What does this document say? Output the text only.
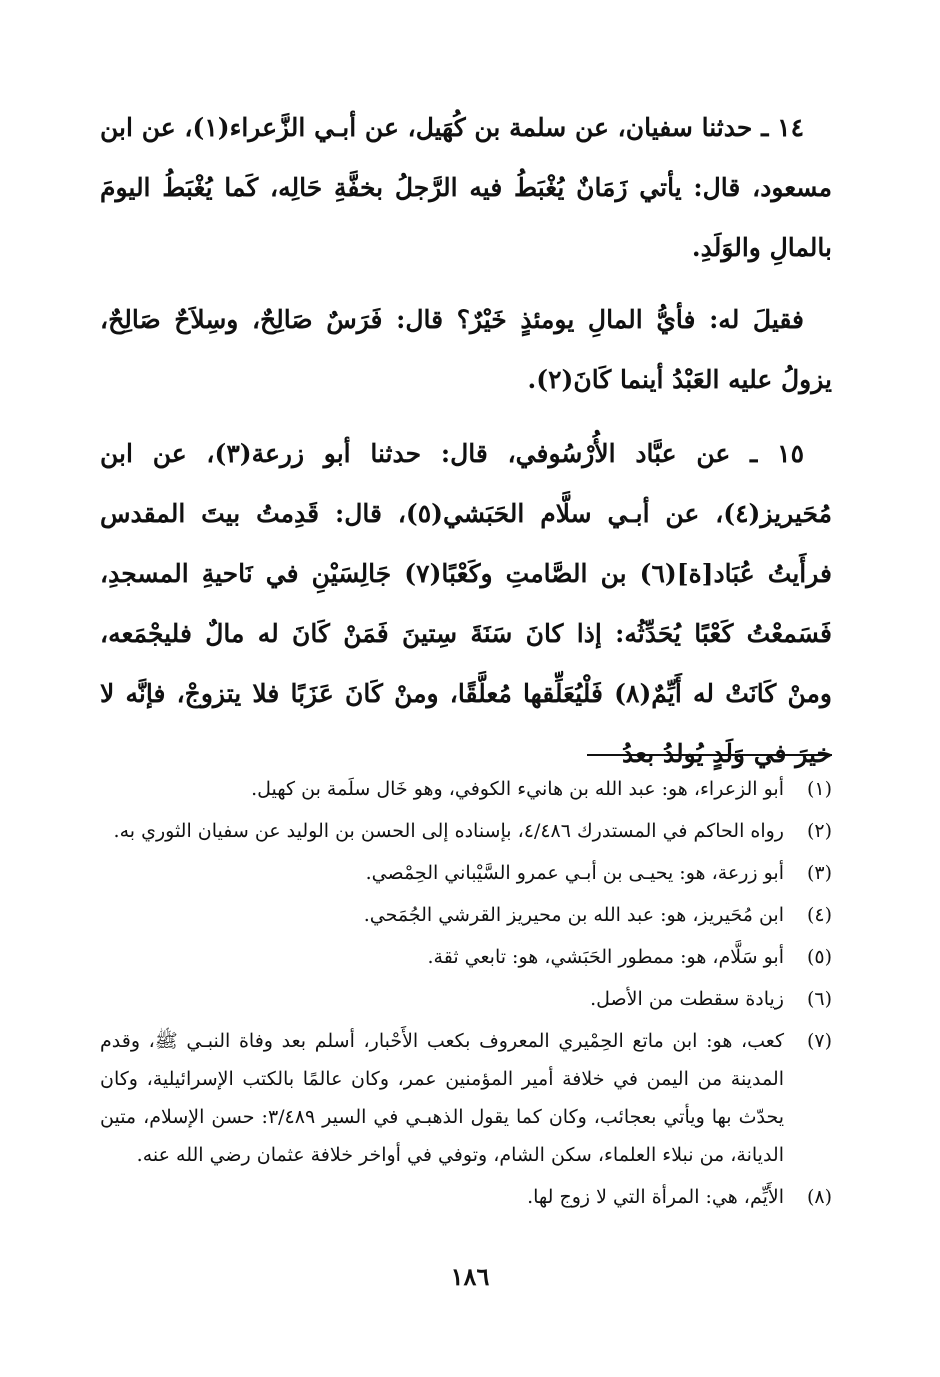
١٤ ـ حدثنا سفيان، عن سلمة بن كُهَيل، عن أبـي الزَّعراء(١)، عن ابن مسعود، قال: يأتي زَمَانٌ يُغْبَطُ فيه الرَّجلُ بخفَّةِ حَالِه، كَما يُغْبَطُ اليومَ بالمالِ والوَلَدِ.

فقيلَ له: فأيُّ المالِ يومئذٍ خَيْرٌ؟ قال: فَرَسٌ صَالِحٌ، وسِلاَحٌ صَالِحٌ، يزولُ عليه العَبْدُ أينما كَانَ(٢).

١٥ ـ عن عبَّاد الأُرْسُوفي، قال: حدثنا أبو زرعة(٣)، عن ابن مُحَيريز(٤)، عن أبـي سلَّام الحَبَشي(٥)، قال: قَدِمتُ بيتَ المقدس فرأَيتُ عُبَاد[ة](٦) بن الصَّامتِ وكَعْبًا(٧) جَالِسَيْنِ في نَاحيةِ المسجدِ، فَسَمعْتُ كَعْبًا يُحَدِّثُه: إذا كانَ سَنَةَ سِتينَ فَمَنْ كَانَ له مالٌ فليجْمَعه، ومنْ كَانَتْ له أَيِّمٌ(٨) فَلْيُعَلِّقها مُعلَّقًا، ومنْ كَانَ عَزَبًا فلا يتزوجْ، فإنَّه لا خيرَ في وَلَدٍ يُولدُ بعدُ

(١)
أبو الزعراء، هو: عبد الله بن هانيء الكوفي، وهو خَال سلَمة بن كهيل.
(٢)
رواه الحاكم في المستدرك ٤/٤٨٦، بإسناده إلى الحسن بن الوليد عن سفيان الثوري به.
(٣)
أبو زرعة، هو: يحيـى بن أبـي عمرو السَّيْباني الحِمْصي.
(٤)
ابن مُحَيريز، هو: عبد الله بن محيريز القرشي الجُمَحي.
(٥)
أبو سَلَّام، هو: ممطور الحَبَشي، هو: تابعي ثقة.
(٦)
زيادة سقطت من الأصل.
(٧)
كعب، هو: ابن ماتع الحِمْيري المعروف بكعب الأَحْبار، أسلم بعد وفاة النبـي ﷺ، وقدم المدينة من اليمن في خلافة أمير المؤمنين عمر، وكان عالمًا بالكتب الإسرائيلية، وكان يحدّث بها ويأتي بعجائب، وكان كما يقول الذهبـي في السير ٣/٤٨٩: حسن الإسلام، متين الديانة، من نبلاء العلماء، سكن الشام، وتوفي في أواخر خلافة عثمان رضي الله عنه.
(٨)
الأَيِّم، هي: المرأة التي لا زوج لها.
١٨٦
